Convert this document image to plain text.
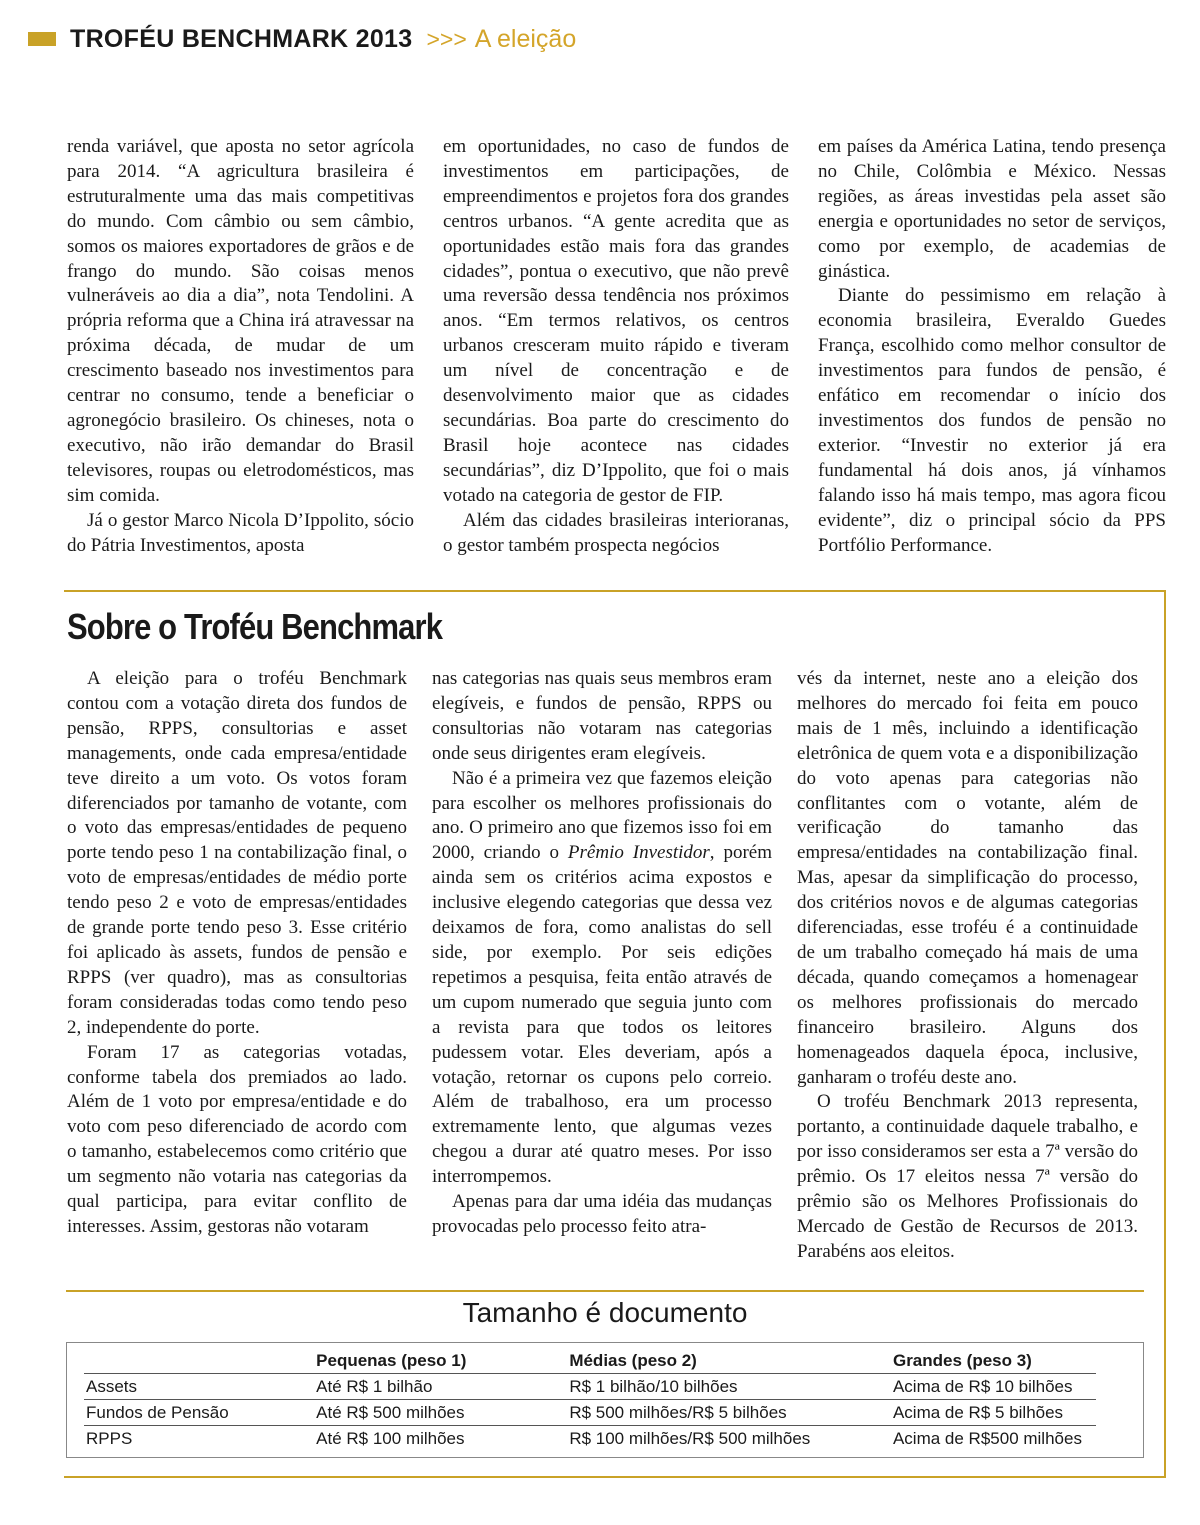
TROFÉU BENCHMARK 2013 >>> A eleição

renda variável, que aposta no setor agrícola para 2014. “A agricultura brasileira é estruturalmente uma das mais competitivas do mundo. Com câmbio ou sem câmbio, somos os maiores exportadores de grãos e de frango do mundo. São coisas menos vulneráveis ao dia a dia”, nota Tendolini. A própria reforma que a China irá atravessar na próxima década, de mudar de um crescimento baseado nos investimentos para centrar no consumo, tende a beneficiar o agronegócio brasileiro. Os chineses, nota o executivo, não irão demandar do Brasil televisores, roupas ou eletrodomésticos, mas sim comida.

Já o gestor Marco Nicola D’Ippolito, sócio do Pátria Investimentos, aposta

em oportunidades, no caso de fundos de investimentos em participações, de empreendimentos e projetos fora dos grandes centros urbanos. “A gente acredita que as oportunidades estão mais fora das grandes cidades”, pontua o executivo, que não prevê uma reversão dessa tendência nos próximos anos. “Em termos relativos, os centros urbanos cresceram muito rápido e tiveram um nível de concentração e de desenvolvimento maior que as cidades secundárias. Boa parte do crescimento do Brasil hoje acontece nas cidades secundárias”, diz D’Ippolito, que foi o mais votado na categoria de gestor de FIP.

Além das cidades brasileiras interioranas, o gestor também prospecta negócios

em países da América Latina, tendo presença no Chile, Colômbia e México. Nessas regiões, as áreas investidas pela asset são energia e oportunidades no setor de serviços, como por exemplo, de academias de ginástica.

Diante do pessimismo em relação à economia brasileira, Everaldo Guedes França, escolhido como melhor consultor de investimentos para fundos de pensão, é enfático em recomendar o início dos investimentos dos fundos de pensão no exterior. “Investir no exterior já era fundamental há dois anos, já vínhamos falando isso há mais tempo, mas agora ficou evidente”, diz o principal sócio da PPS Portfólio Performance.

Sobre o Troféu Benchmark

A eleição para o troféu Benchmark contou com a votação direta dos fundos de pensão, RPPS, consultorias e asset managements, onde cada empresa/entidade teve direito a um voto. Os votos foram diferenciados por tamanho de votante, com o voto das empresas/entidades de pequeno porte tendo peso 1 na contabilização final, o voto de empresas/entidades de médio porte tendo peso 2 e voto de empresas/entidades de grande porte tendo peso 3. Esse critério foi aplicado às assets, fundos de pensão e RPPS (ver quadro), mas as consultorias foram consideradas todas como tendo peso 2, independente do porte.

Foram 17 as categorias votadas, conforme tabela dos premiados ao lado. Além de 1 voto por empresa/entidade e do voto com peso diferenciado de acordo com o tamanho, estabelecemos como critério que um segmento não votaria nas categorias da qual participa, para evitar conflito de interesses. Assim, gestoras não votaram

nas categorias nas quais seus membros eram elegíveis, e fundos de pensão, RPPS ou consultorias não votaram nas categorias onde seus dirigentes eram elegíveis.

Não é a primeira vez que fazemos eleição para escolher os melhores profissionais do ano. O primeiro ano que fizemos isso foi em 2000, criando o Prêmio Investidor, porém ainda sem os critérios acima expostos e inclusive elegendo categorias que dessa vez deixamos de fora, como analistas do sell side, por exemplo. Por seis edições repetimos a pesquisa, feita então através de um cupom numerado que seguia junto com a revista para que todos os leitores pudessem votar. Eles deveriam, após a votação, retornar os cupons pelo correio. Além de trabalhoso, era um processo extremamente lento, que algumas vezes chegou a durar até quatro meses. Por isso interrompemos.

Apenas para dar uma idéia das mudanças provocadas pelo processo feito atra-

vés da internet, neste ano a eleição dos melhores do mercado foi feita em pouco mais de 1 mês, incluindo a identificação eletrônica de quem vota e a disponibilização do voto apenas para categorias não conflitantes com o votante, além de verificação do tamanho das empresa/entidades na contabilização final. Mas, apesar da simplificação do processo, dos critérios novos e de algumas categorias diferenciadas, esse troféu é a continuidade de um trabalho começado há mais de uma década, quando começamos a homenagear os melhores profissionais do mercado financeiro brasileiro. Alguns dos homenageados daquela época, inclusive, ganharam o troféu deste ano.

O troféu Benchmark 2013 representa, portanto, a continuidade daquele trabalho, e por isso consideramos ser esta a 7ª versão do prêmio. Os 17 eleitos nessa 7ª versão do prêmio são os Melhores Profissionais do Mercado de Gestão de Recursos de 2013. Parabéns aos eleitos.

Tamanho é documento
	Pequenas (peso 1)	Médias (peso 2)	Grandes (peso 3)
Assets	Até R$ 1 bilhão	R$ 1 bilhão/10 bilhões	Acima de R$ 10 bilhões
Fundos de Pensão	Até R$ 500 milhões	R$ 500 milhões/R$ 5 bilhões	Acima de R$ 5 bilhões
RPPS	Até R$ 100 milhões	R$ 100 milhões/R$ 500 milhões	Acima de R$500 milhões
